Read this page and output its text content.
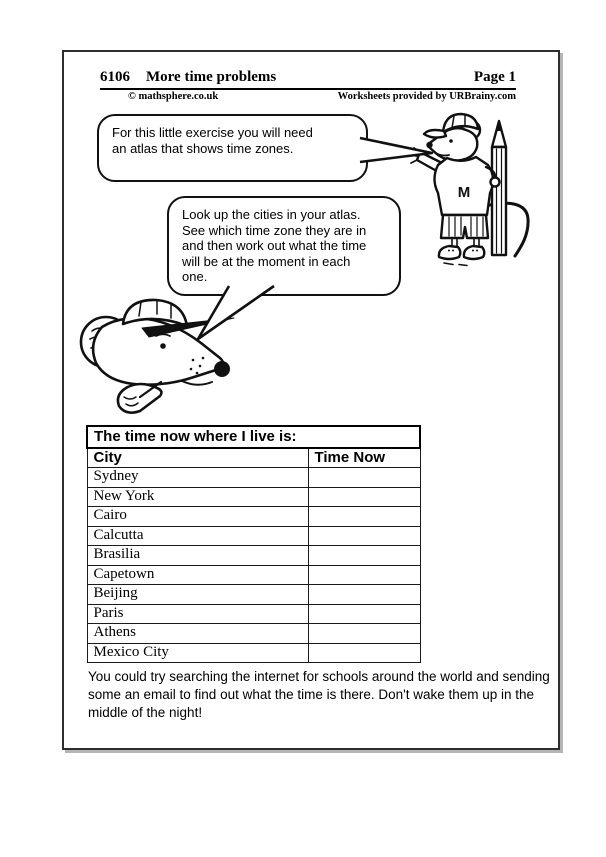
6106 More time problems	Page 1
© mathsphere.co.uk	Worksheets provided by URBrainy.com

For this little exercise you will need an atlas that shows time zones.

Look up the cities in your atlas. See which time zone they are in and then work out what the time will be at the moment in each one.

M
The time now where I live is:	
City	Time Now
Sydney	
New York	
Cairo	
Calcutta	
Brasilia	
Capetown	
Beijing	
Paris	
Athens	
Mexico City	

You could try searching the internet for schools around the world and sending some an email to find out what the time is there. Don't wake them up in the middle of the night!
